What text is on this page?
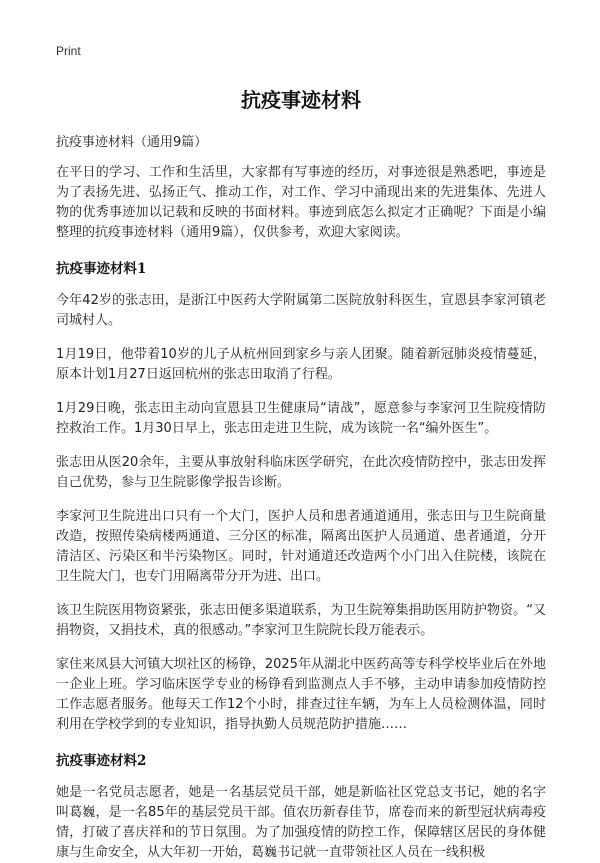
Print
抗疫事迹材料
抗疫事迹材料（通用9篇）

在平日的学习、工作和生活里，大家都有写事迹的经历，对事迹很是熟悉吧，事迹是为了表扬先进、弘扬正气、推动工作，对工作、学习中涌现出来的先进集体、先进人物的优秀事迹加以记载和反映的书面材料。事迹到底怎么拟定才正确呢？下面是小编整理的抗疫事迹材料（通用9篇），仅供参考，欢迎大家阅读。

抗疫事迹材料1

今年42岁的张志田，是浙江中医药大学附属第二医院放射科医生，宣恩县李家河镇老司城村人。

1月19日，他带着10岁的儿子从杭州回到家乡与亲人团聚。随着新冠肺炎疫情蔓延，原本计划1月27日返回杭州的张志田取消了行程。

1月29日晚，张志田主动向宣恩县卫生健康局“请战”，愿意参与李家河卫生院疫情防控救治工作。1月30日早上，张志田走进卫生院，成为该院一名“编外医生”。

张志田从医20余年，主要从事放射科临床医学研究，在此次疫情防控中，张志田发挥自己优势，参与卫生院影像学报告诊断。

李家河卫生院进出口只有一个大门，医护人员和患者通道通用，张志田与卫生院商量改造，按照传染病楼两通道、三分区的标准，隔离出医护人员通道、患者通道，分开清洁区、污染区和半污染物区。同时，针对通道还改造两个小门出入住院楼，该院在卫生院大门，也专门用隔离带分开为进、出口。

该卫生院医用物资紧张，张志田便多渠道联系，为卫生院筹集捐助医用防护物资。“又捐物资，又捐技术，真的很感动。”李家河卫生院院长段万能表示。

家住来凤县大河镇大坝社区的杨铮，2025年从湖北中医药高等专科学校毕业后在外地一企业上班。学习临床医学专业的杨铮看到监测点人手不够，主动申请参加疫情防控工作志愿者服务。他每天工作12个小时，排查过往车辆，为车上人员检测体温，同时利用在学校学到的专业知识，指导执勤人员规范防护措施……

抗疫事迹材料2

她是一名党员志愿者，她是一名基层党员干部，她是新临社区党总支书记，她的名字叫葛巍，是一名85年的基层党员干部。值农历新春佳节，席卷而来的新型冠状病毒疫情，打破了喜庆祥和的节日氛围。为了加强疫情的防控工作，保障辖区居民的身体健康与生命安全，从大年初一开始，葛巍书记就一直带领社区人员在一线积极
